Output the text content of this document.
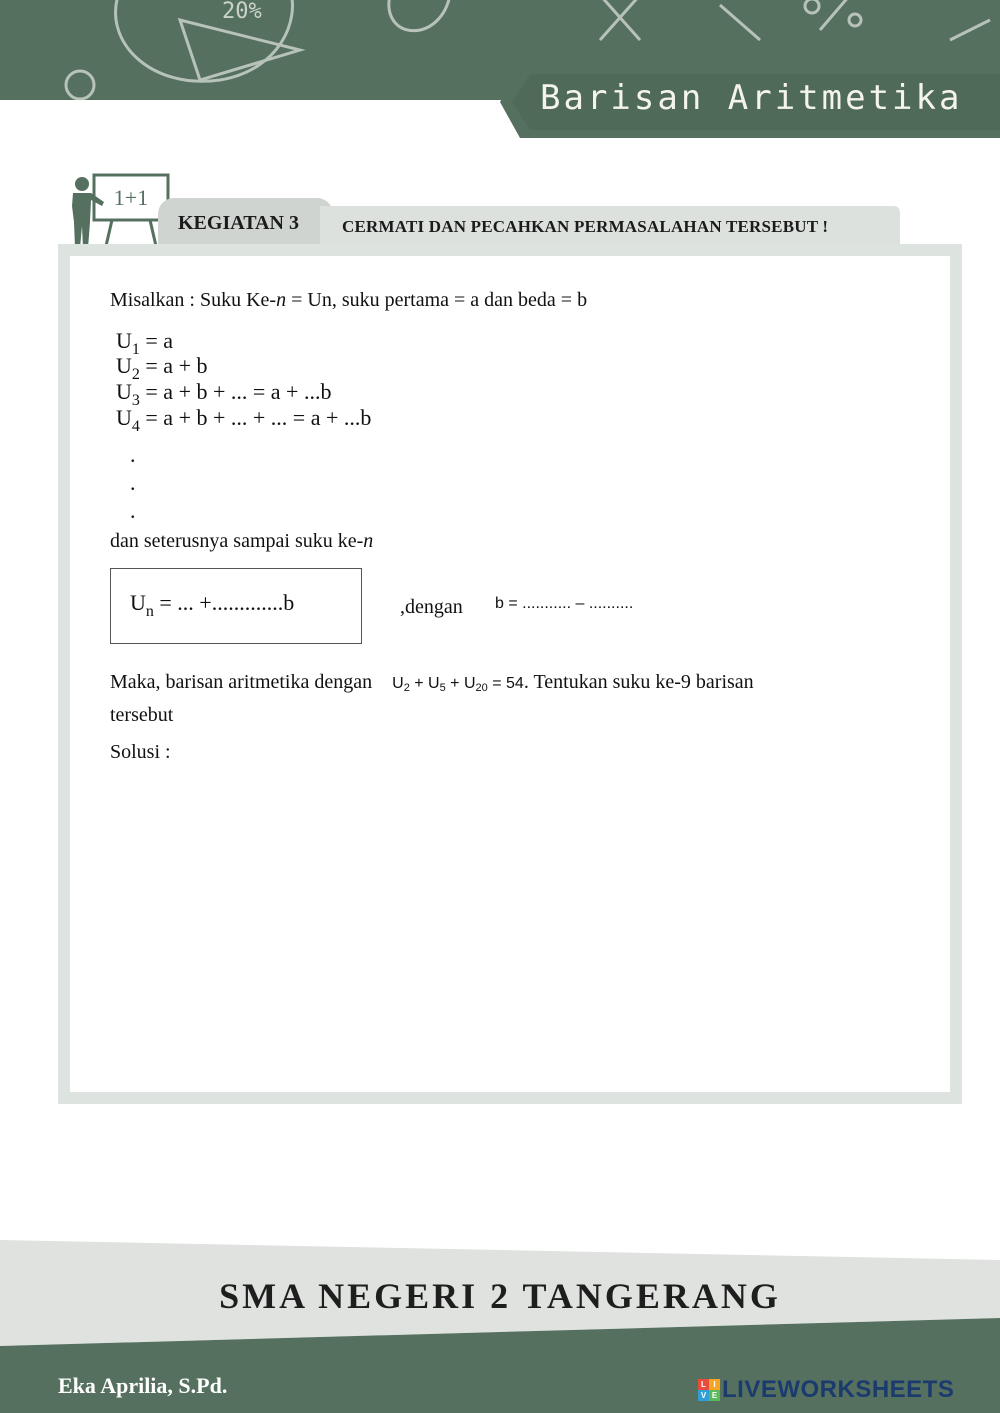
20%
Barisan Aritmetika
1+1
KEGIATAN 3	CERMATI DAN PECAHKAN PERMASALAHAN TERSEBUT !
Misalkan : Suku Ke-n = Un, suku pertama = a dan beda = b
$U_1 = a$
$U_2 = a + b$
$U_3 = a + b$ + ... = a + ...b
$U_4 = a + b$ + ... + ... = a + ...b
.
.
.
dan seterusnya sampai suku ke-n
$U_n$ = ... +.............b	,dengan b = ........... – ..........
Maka, barisan aritmetika dengan $U_2 + U_5 + U_{20} = 54$. Tentukan suku ke-9 barisan
tersebut
Solusi :
SMA NEGERI 2 TANGERANG
Eka Aprilia, S.Pd.	L I
V E LIVEWORKSHEETS
